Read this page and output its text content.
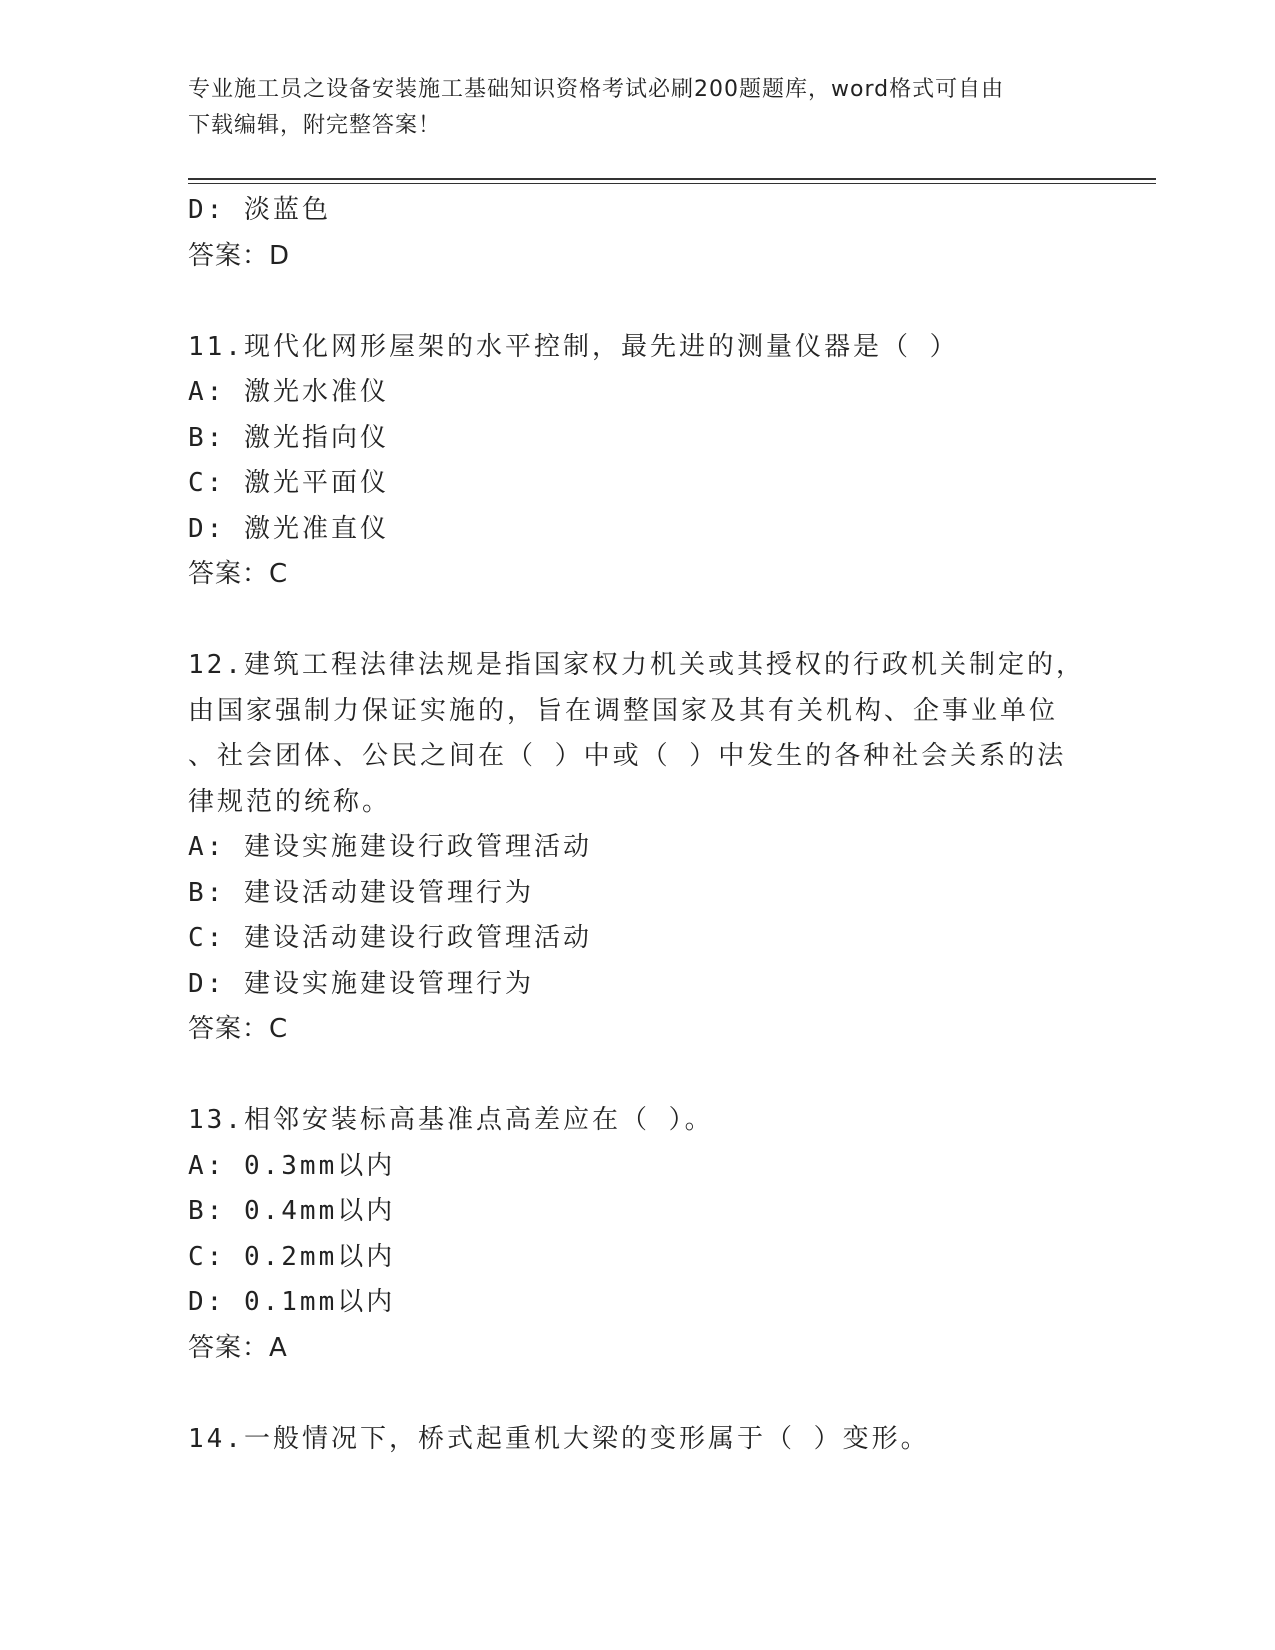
专业施工员之设备安装施工基础知识资格考试必刷200题题库，word格式可自由
下载编辑，附完整答案！
D: 淡蓝色
答案：D
11.现代化网形屋架的水平控制，最先进的测量仪器是（ ）
A: 激光水准仪
B: 激光指向仪
C: 激光平面仪
D: 激光准直仪
答案：C
12.建筑工程法律法规是指国家权力机关或其授权的行政机关制定的，
由国家强制力保证实施的，旨在调整国家及其有关机构、企事业单位
、社会团体、公民之间在（ ）中或（ ）中发生的各种社会关系的法
律规范的统称。
A: 建设实施建设行政管理活动
B: 建设活动建设管理行为
C: 建设活动建设行政管理活动
D: 建设实施建设管理行为
答案：C
13.相邻安装标高基准点高差应在（ ）。
A: 0.3mm以内
B: 0.4mm以内
C: 0.2mm以内
D: 0.1mm以内
答案：A
14.一般情况下，桥式起重机大梁的变形属于（ ）变形。
